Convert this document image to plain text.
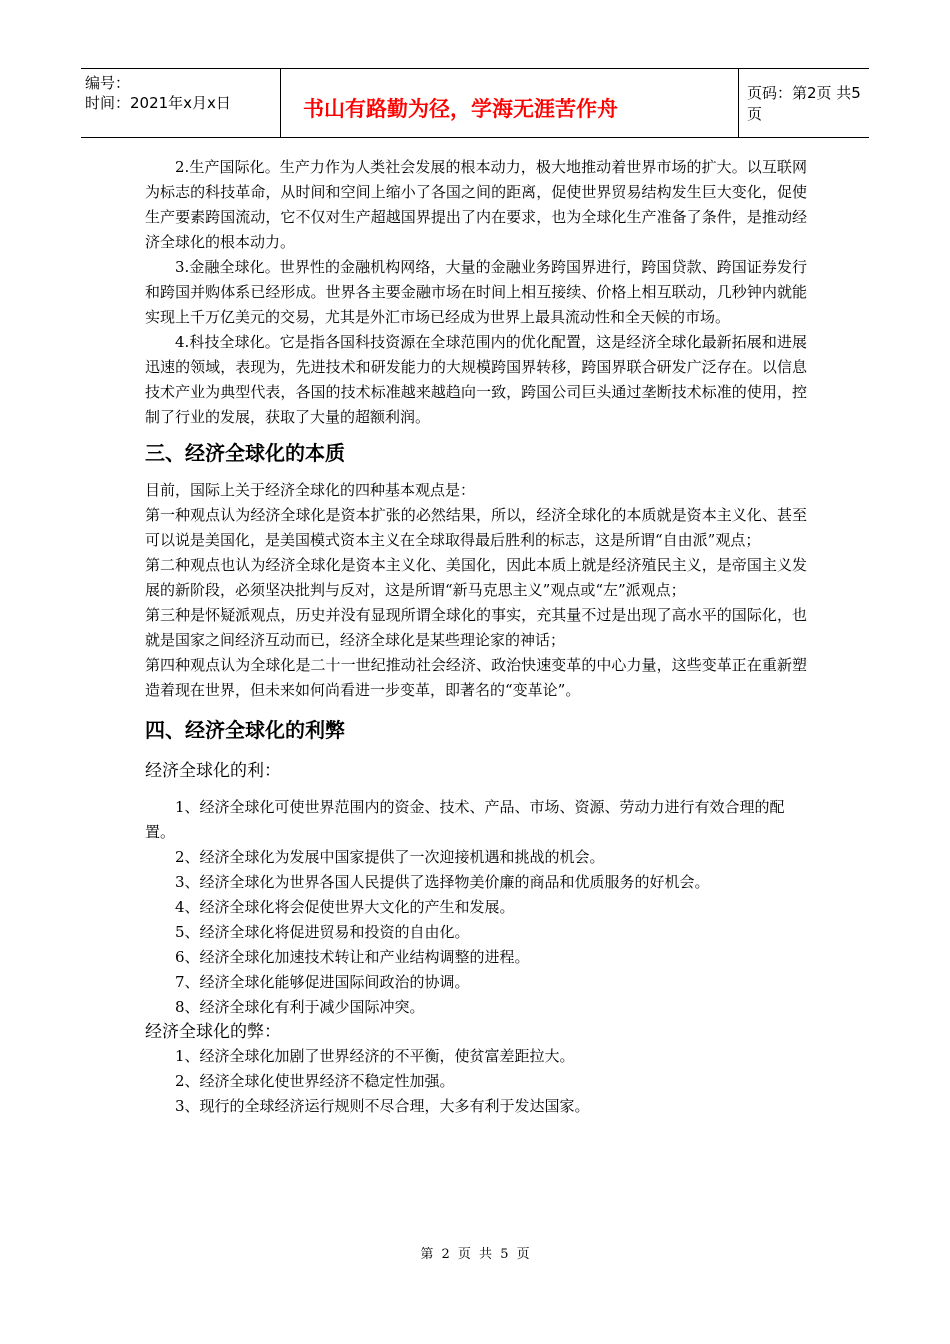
编号：
时间：2021年x月x日	书山有路勤为径，学海无涯苦作舟
页码：第2页 共5页

2.生产国际化。生产力作为人类社会发展的根本动力，极大地推动着世界市场的扩大。以互联网为标志的科技革命，从时间和空间上缩小了各国之间的距离，促使世界贸易结构发生巨大变化，促使生产要素跨国流动，它不仅对生产超越国界提出了内在要求，也为全球化生产准备了条件，是推动经济全球化的根本动力。

3.金融全球化。世界性的金融机构网络，大量的金融业务跨国界进行，跨国贷款、跨国证券发行和跨国并购体系已经形成。世界各主要金融市场在时间上相互接续、价格上相互联动，几秒钟内就能实现上千万亿美元的交易，尤其是外汇市场已经成为世界上最具流动性和全天候的市场。

4.科技全球化。它是指各国科技资源在全球范围内的优化配置，这是经济全球化最新拓展和进展迅速的领域，表现为，先进技术和研发能力的大规模跨国界转移，跨国界联合研发广泛存在。以信息技术产业为典型代表，各国的技术标准越来越趋向一致，跨国公司巨头通过垄断技术标准的使用，控制了行业的发展，获取了大量的超额利润。

三、经济全球化的本质

目前，国际上关于经济全球化的四种基本观点是：

第一种观点认为经济全球化是资本扩张的必然结果，所以，经济全球化的本质就是资本主义化、甚至可以说是美国化，是美国模式资本主义在全球取得最后胜利的标志，这是所谓“自由派”观点；

第二种观点也认为经济全球化是资本主义化、美国化，因此本质上就是经济殖民主义，是帝国主义发展的新阶段，必须坚决批判与反对，这是所谓“新马克思主义”观点或“左”派观点；

第三种是怀疑派观点，历史并没有显现所谓全球化的事实，充其量不过是出现了高水平的国际化，也就是国家之间经济互动而已，经济全球化是某些理论家的神话；

第四种观点认为全球化是二十一世纪推动社会经济、政治快速变革的中心力量，这些变革正在重新塑造着现在世界，但未来如何尚看进一步变革，即著名的“变革论”。

四、经济全球化的利弊

经济全球化的利：

1、经济全球化可使世界范围内的资金、技术、产品、市场、资源、劳动力进行有效合理的配置。

2、经济全球化为发展中国家提供了一次迎接机遇和挑战的机会。

3、经济全球化为世界各国人民提供了选择物美价廉的商品和优质服务的好机会。

4、经济全球化将会促使世界大文化的产生和发展。

5、经济全球化将促进贸易和投资的自由化。

6、经济全球化加速技术转让和产业结构调整的进程。

7、经济全球化能够促进国际间政治的协调。

8、经济全球化有利于减少国际冲突。

经济全球化的弊：

1、经济全球化加剧了世界经济的不平衡，使贫富差距拉大。

2、经济全球化使世界经济不稳定性加强。

3、现行的全球经济运行规则不尽合理，大多有利于发达国家。

第 2 页 共 5 页
